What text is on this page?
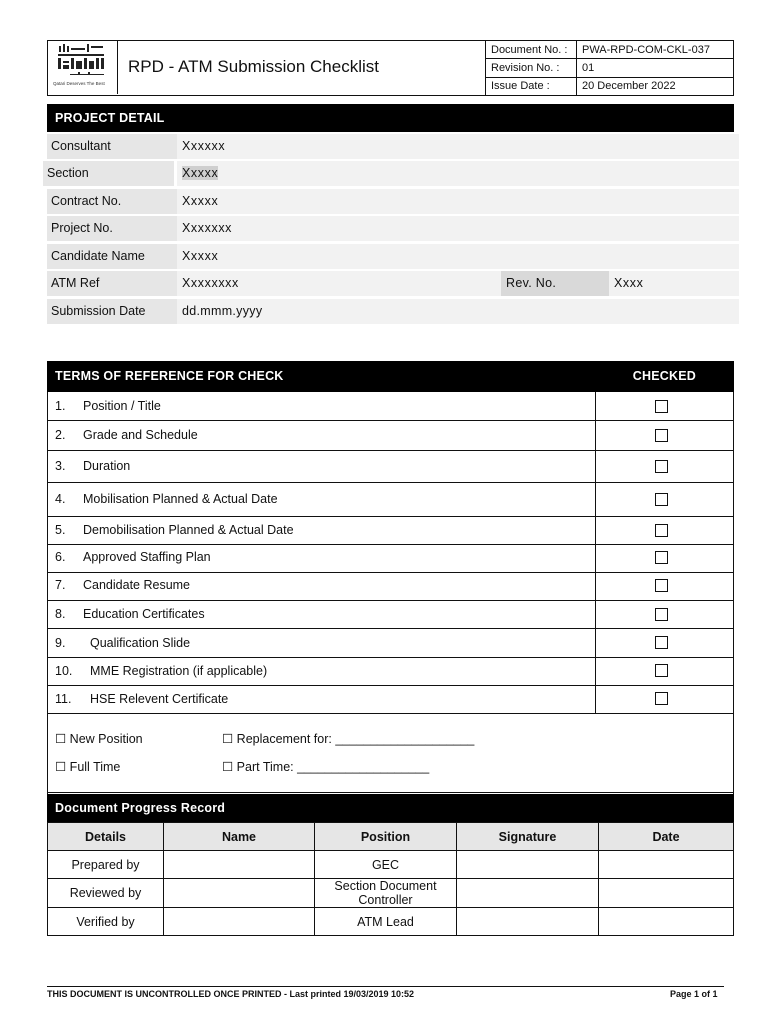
Qatari Deserves The Best
RPD - ATM Submission Checklist
Document No. :	PWA-RPD-COM-CKL-037
Revision No. :	01
Issue Date :	20 December 2022
PROJECT DETAIL
Consultant	Xxxxxx
Section	Xxxxx
Contract No.	Xxxxx
Project No.	Xxxxxxx
Candidate Name	Xxxxx
ATM Ref	Xxxxxxxx	Rev. No.	Xxxx
Submission Date	dd.mmm.yyyy
TERMS OF REFERENCE FOR CHECK	CHECKED
1. Position / Title
2. Grade and Schedule
3. Duration
4. Mobilisation Planned & Actual Date
5. Demobilisation Planned & Actual Date
6. Approved Staffing Plan
7. Candidate Resume
8. Education Certificates
9. Qualification Slide
10. MME Registration (if applicable)
11. HSE Relevent Certificate
☐ New Position	☐ Replacement for: ____________________
☐ Full Time	☐ Part Time: ___________________
Document Progress Record
Details	Name	Position	Signature	Date
Prepared by		GEC		
Reviewed by		Section Document Controller		
Verified by		ATM Lead		
THIS DOCUMENT IS UNCONTROLLED ONCE PRINTED - Last printed 19/03/2019 10:52	Page 1 of 1
